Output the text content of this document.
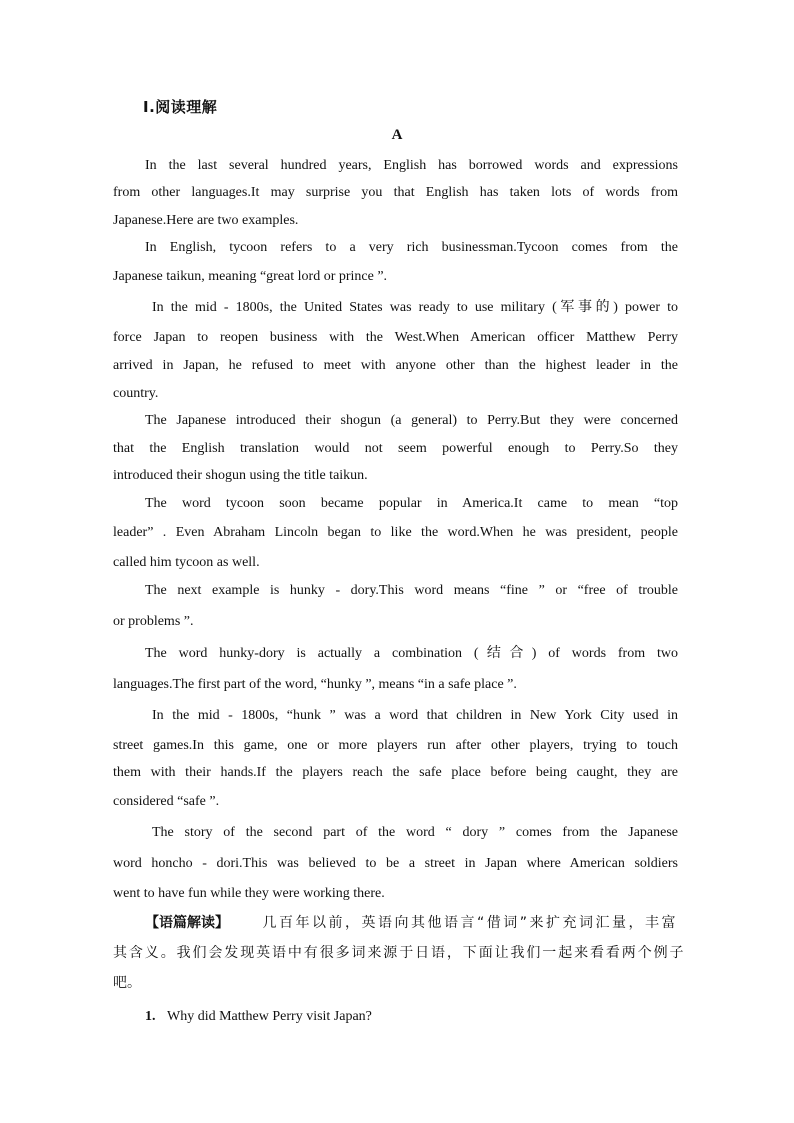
Ⅰ.阅读理解
A
In the last several hundred years, English has borrowed words and expressions
from other languages.It may surprise you that English has taken lots of words from
Japanese.Here are two examples.
In English, tycoon refers to a very rich businessman.Tycoon comes from the
Japanese taikun, meaning “great lord or prince ”.
In the mid - 1800s, the United States was ready to use military (军事的) power to
force Japan to reopen business with the West.When American officer Matthew Perry
arrived in Japan, he refused to meet with anyone other than the highest leader in the
country.
The Japanese introduced their shogun (a general) to Perry.But they were concerned
that the English translation would not seem powerful enough to Perry.So they
introduced their shogun using the title taikun.
The word tycoon soon became popular in America.It came to mean “top
leader” . Even Abraham Lincoln began to like the word.When he was president, people
called him tycoon as well.
The next example is hunky - dory.This word means “fine ” or “free of trouble
or problems ”.
The word hunky-dory is actually a combination (结合) of words from two
languages.The first part of the word, “hunky ”, means “in a safe place ”.
In the mid - 1800s, “hunk ” was a word that children in New York City used in
street games.In this game, one or more players run after other players, trying to touch
them with their hands.If the players reach the safe place before being caught, they are
considered “safe ”.
The story of the second part of the word “ dory ” comes from the Japanese
word honcho - dori.This was believed to be a street in Japan where American soldiers
went to have fun while they were working there.
【语篇解读】 几百年以前，英语向其他语言“借词”来扩充词汇量，丰富
其含义。我们会发现英语中有很多词来源于日语，下面让我们一起来看看两个例子
吧。
1. Why did Matthew Perry visit Japan?
